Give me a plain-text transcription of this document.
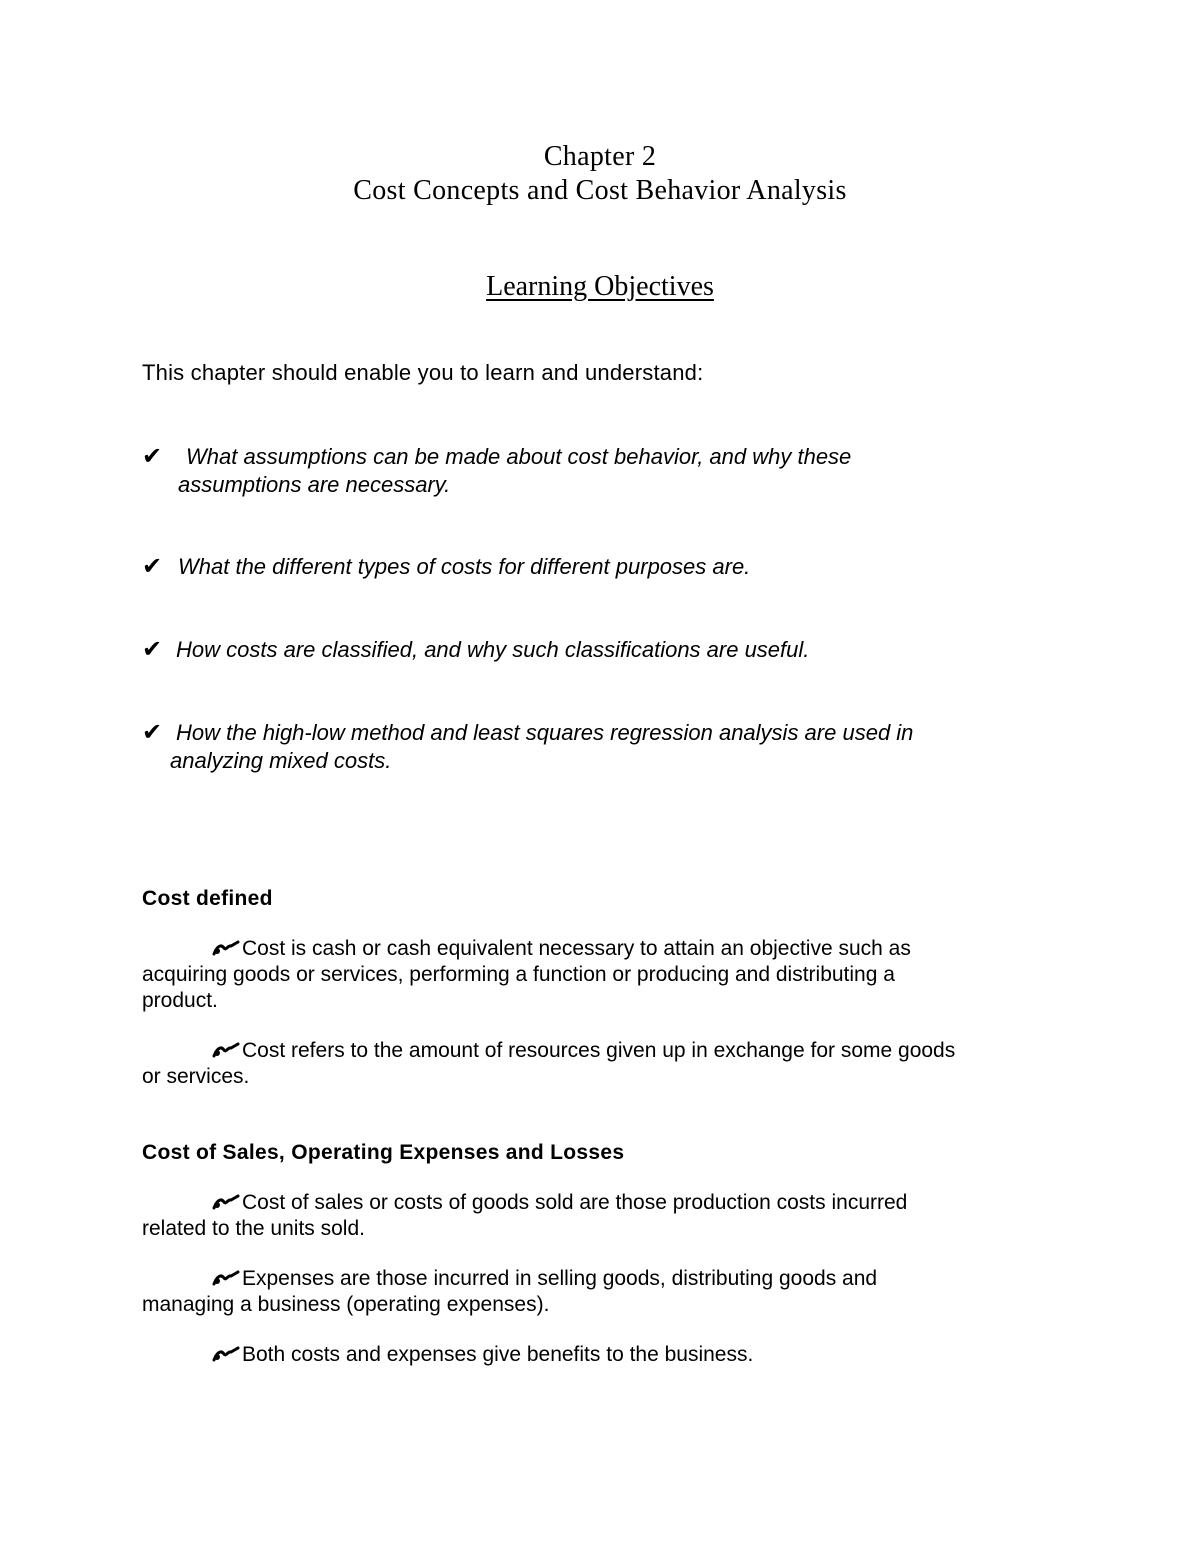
Chapter 2
Cost Concepts and Cost Behavior Analysis
Learning Objectives
This chapter should enable you to learn and understand:
✔	What assumptions can be made about cost behavior, and why these
assumptions are necessary.
✔ What the different types of costs for different purposes are.
✔ How costs are classified, and why such classifications are useful.
✔ How the high-low method and least squares regression analysis are used in
analyzing mixed costs.
Cost defined
Cost is cash or cash equivalent necessary to attain an objective such as
acquiring goods or services, performing a function or producing and distributing a
product.
Cost refers to the amount of resources given up in exchange for some goods
or services.
Cost of Sales, Operating Expenses and Losses
Cost of sales or costs of goods sold are those production costs incurred
related to the units sold.
Expenses are those incurred in selling goods, distributing goods and
managing a business (operating expenses).
Both costs and expenses give benefits to the business.
